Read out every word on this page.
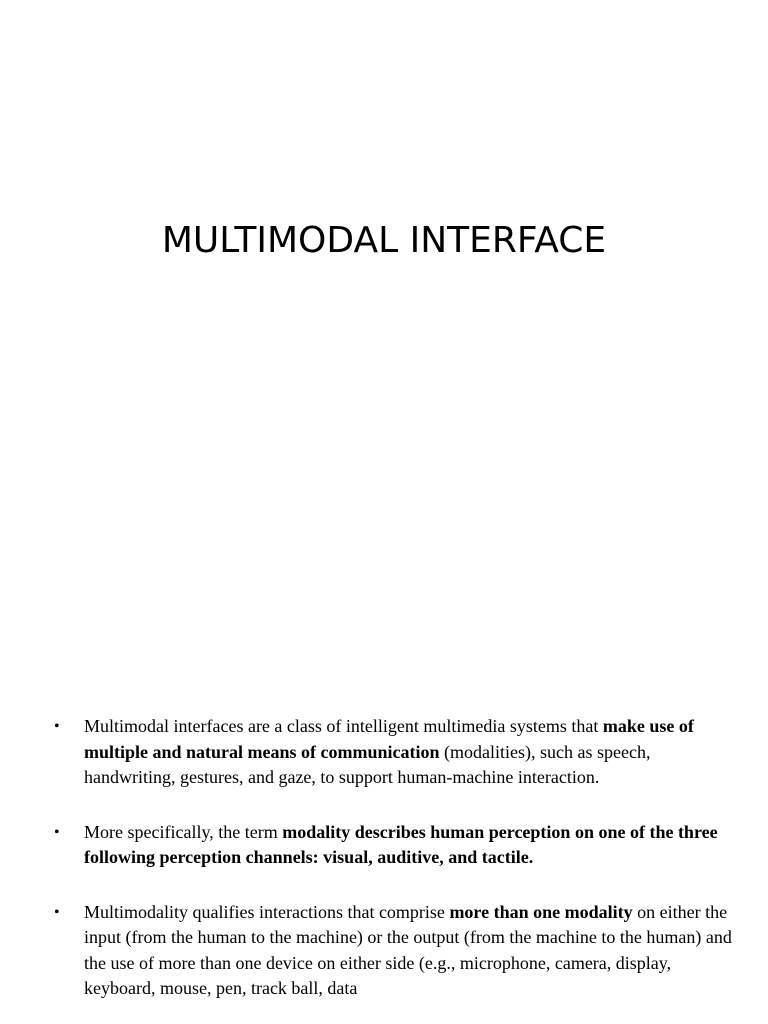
MULTIMODAL INTERFACE
•	Multimodal interfaces are a class of intelligent multimedia systems that make use of multiple and natural means of communication (modalities), such as speech, handwriting, gestures, and gaze, to support human-machine interaction.
•	More specifically, the term modality describes human perception on one of the three following perception channels: visual, auditive, and tactile.
•	Multimodality qualifies interactions that comprise more than one modality on either the input (from the human to the machine) or the output (from the machine to the human) and the use of more than one device on either side (e.g., microphone, camera, display, keyboard, mouse, pen, track ball, data
